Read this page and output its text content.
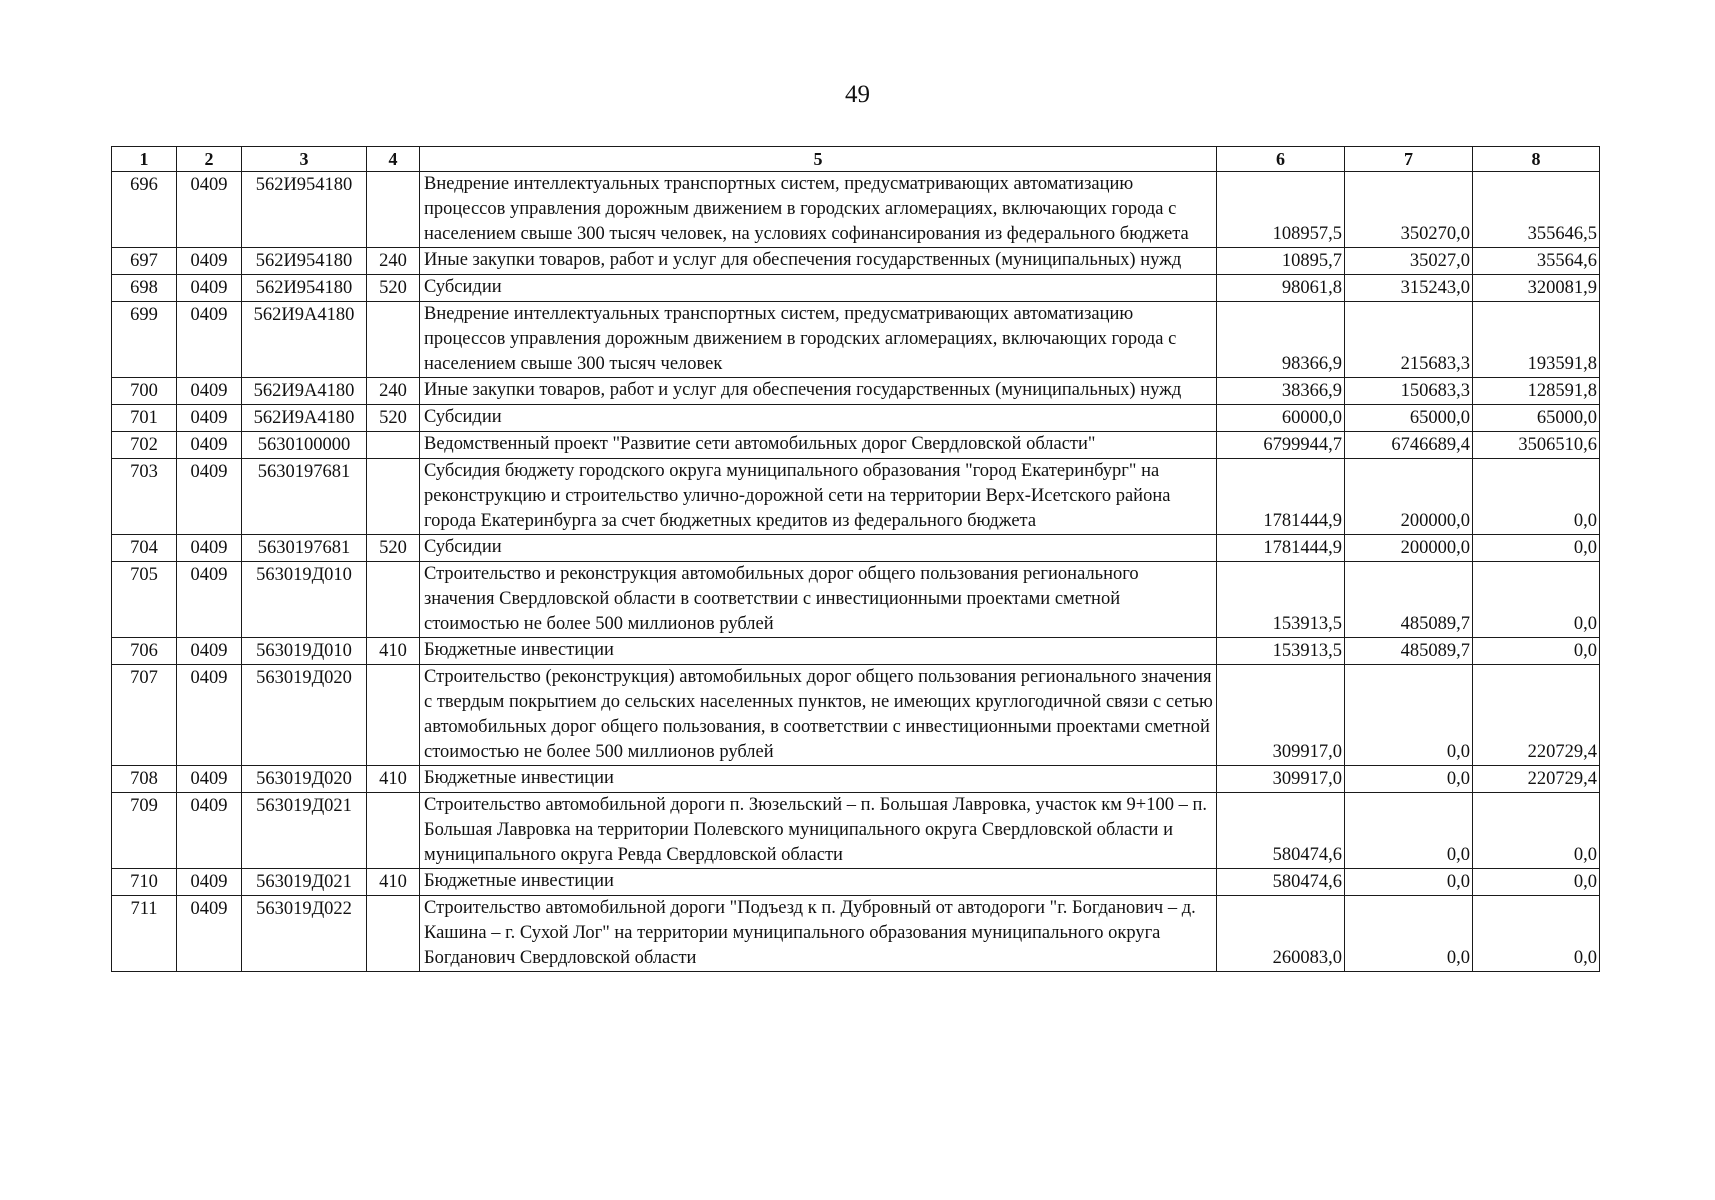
49
1	2	3	4	5	6	7	8
696	0409	562И954180		Внедрение интеллектуальных транспортных систем, предусматривающих автоматизацию процессов управления дорожным движением в городских агломерациях, включающих города с населением свыше 300 тысяч человек, на условиях софинансирования из федерального бюджета	108957,5	350270,0	355646,5
697	0409	562И954180	240	Иные закупки товаров, работ и услуг для обеспечения государственных (муниципальных) нужд	10895,7	35027,0	35564,6
698	0409	562И954180	520	Субсидии	98061,8	315243,0	320081,9
699	0409	562И9А4180		Внедрение интеллектуальных транспортных систем, предусматривающих автоматизацию процессов управления дорожным движением в городских агломерациях, включающих города с населением свыше 300 тысяч человек	98366,9	215683,3	193591,8
700	0409	562И9А4180	240	Иные закупки товаров, работ и услуг для обеспечения государственных (муниципальных) нужд	38366,9	150683,3	128591,8
701	0409	562И9А4180	520	Субсидии	60000,0	65000,0	65000,0
702	0409	5630100000		Ведомственный проект "Развитие сети автомобильных дорог Свердловской области"	6799944,7	6746689,4	3506510,6
703	0409	5630197681		Субсидия бюджету городского округа муниципального образования "город Екатеринбург" на реконструкцию и строительство улично-дорожной сети на территории Верх-Исетского района города Екатеринбурга за счет бюджетных кредитов из федерального бюджета	1781444,9	200000,0	0,0
704	0409	5630197681	520	Субсидии	1781444,9	200000,0	0,0
705	0409	563019Д010		Строительство и реконструкция автомобильных дорог общего пользования регионального значения Свердловской области в соответствии с инвестиционными проектами сметной стоимостью не более 500 миллионов рублей	153913,5	485089,7	0,0
706	0409	563019Д010	410	Бюджетные инвестиции	153913,5	485089,7	0,0
707	0409	563019Д020		Строительство (реконструкция) автомобильных дорог общего пользования регионального значения с твердым покрытием до сельских населенных пунктов, не имеющих круглогодичной связи с сетью автомобильных дорог общего пользования, в соответствии с инвестиционными проектами сметной стоимостью не более 500 миллионов рублей	309917,0	0,0	220729,4
708	0409	563019Д020	410	Бюджетные инвестиции	309917,0	0,0	220729,4
709	0409	563019Д021		Строительство автомобильной дороги п. Зюзельский – п. Большая Лавровка, участок км 9+100 – п. Большая Лавровка на территории Полевского муниципального округа Свердловской области и муниципального округа Ревда Свердловской области	580474,6	0,0	0,0
710	0409	563019Д021	410	Бюджетные инвестиции	580474,6	0,0	0,0
711	0409	563019Д022		Строительство автомобильной дороги "Подъезд к п. Дубровный от автодороги "г. Богданович – д. Кашина – г. Сухой Лог" на территории муниципального образования муниципального округа Богданович Свердловской области	260083,0	0,0	0,0
